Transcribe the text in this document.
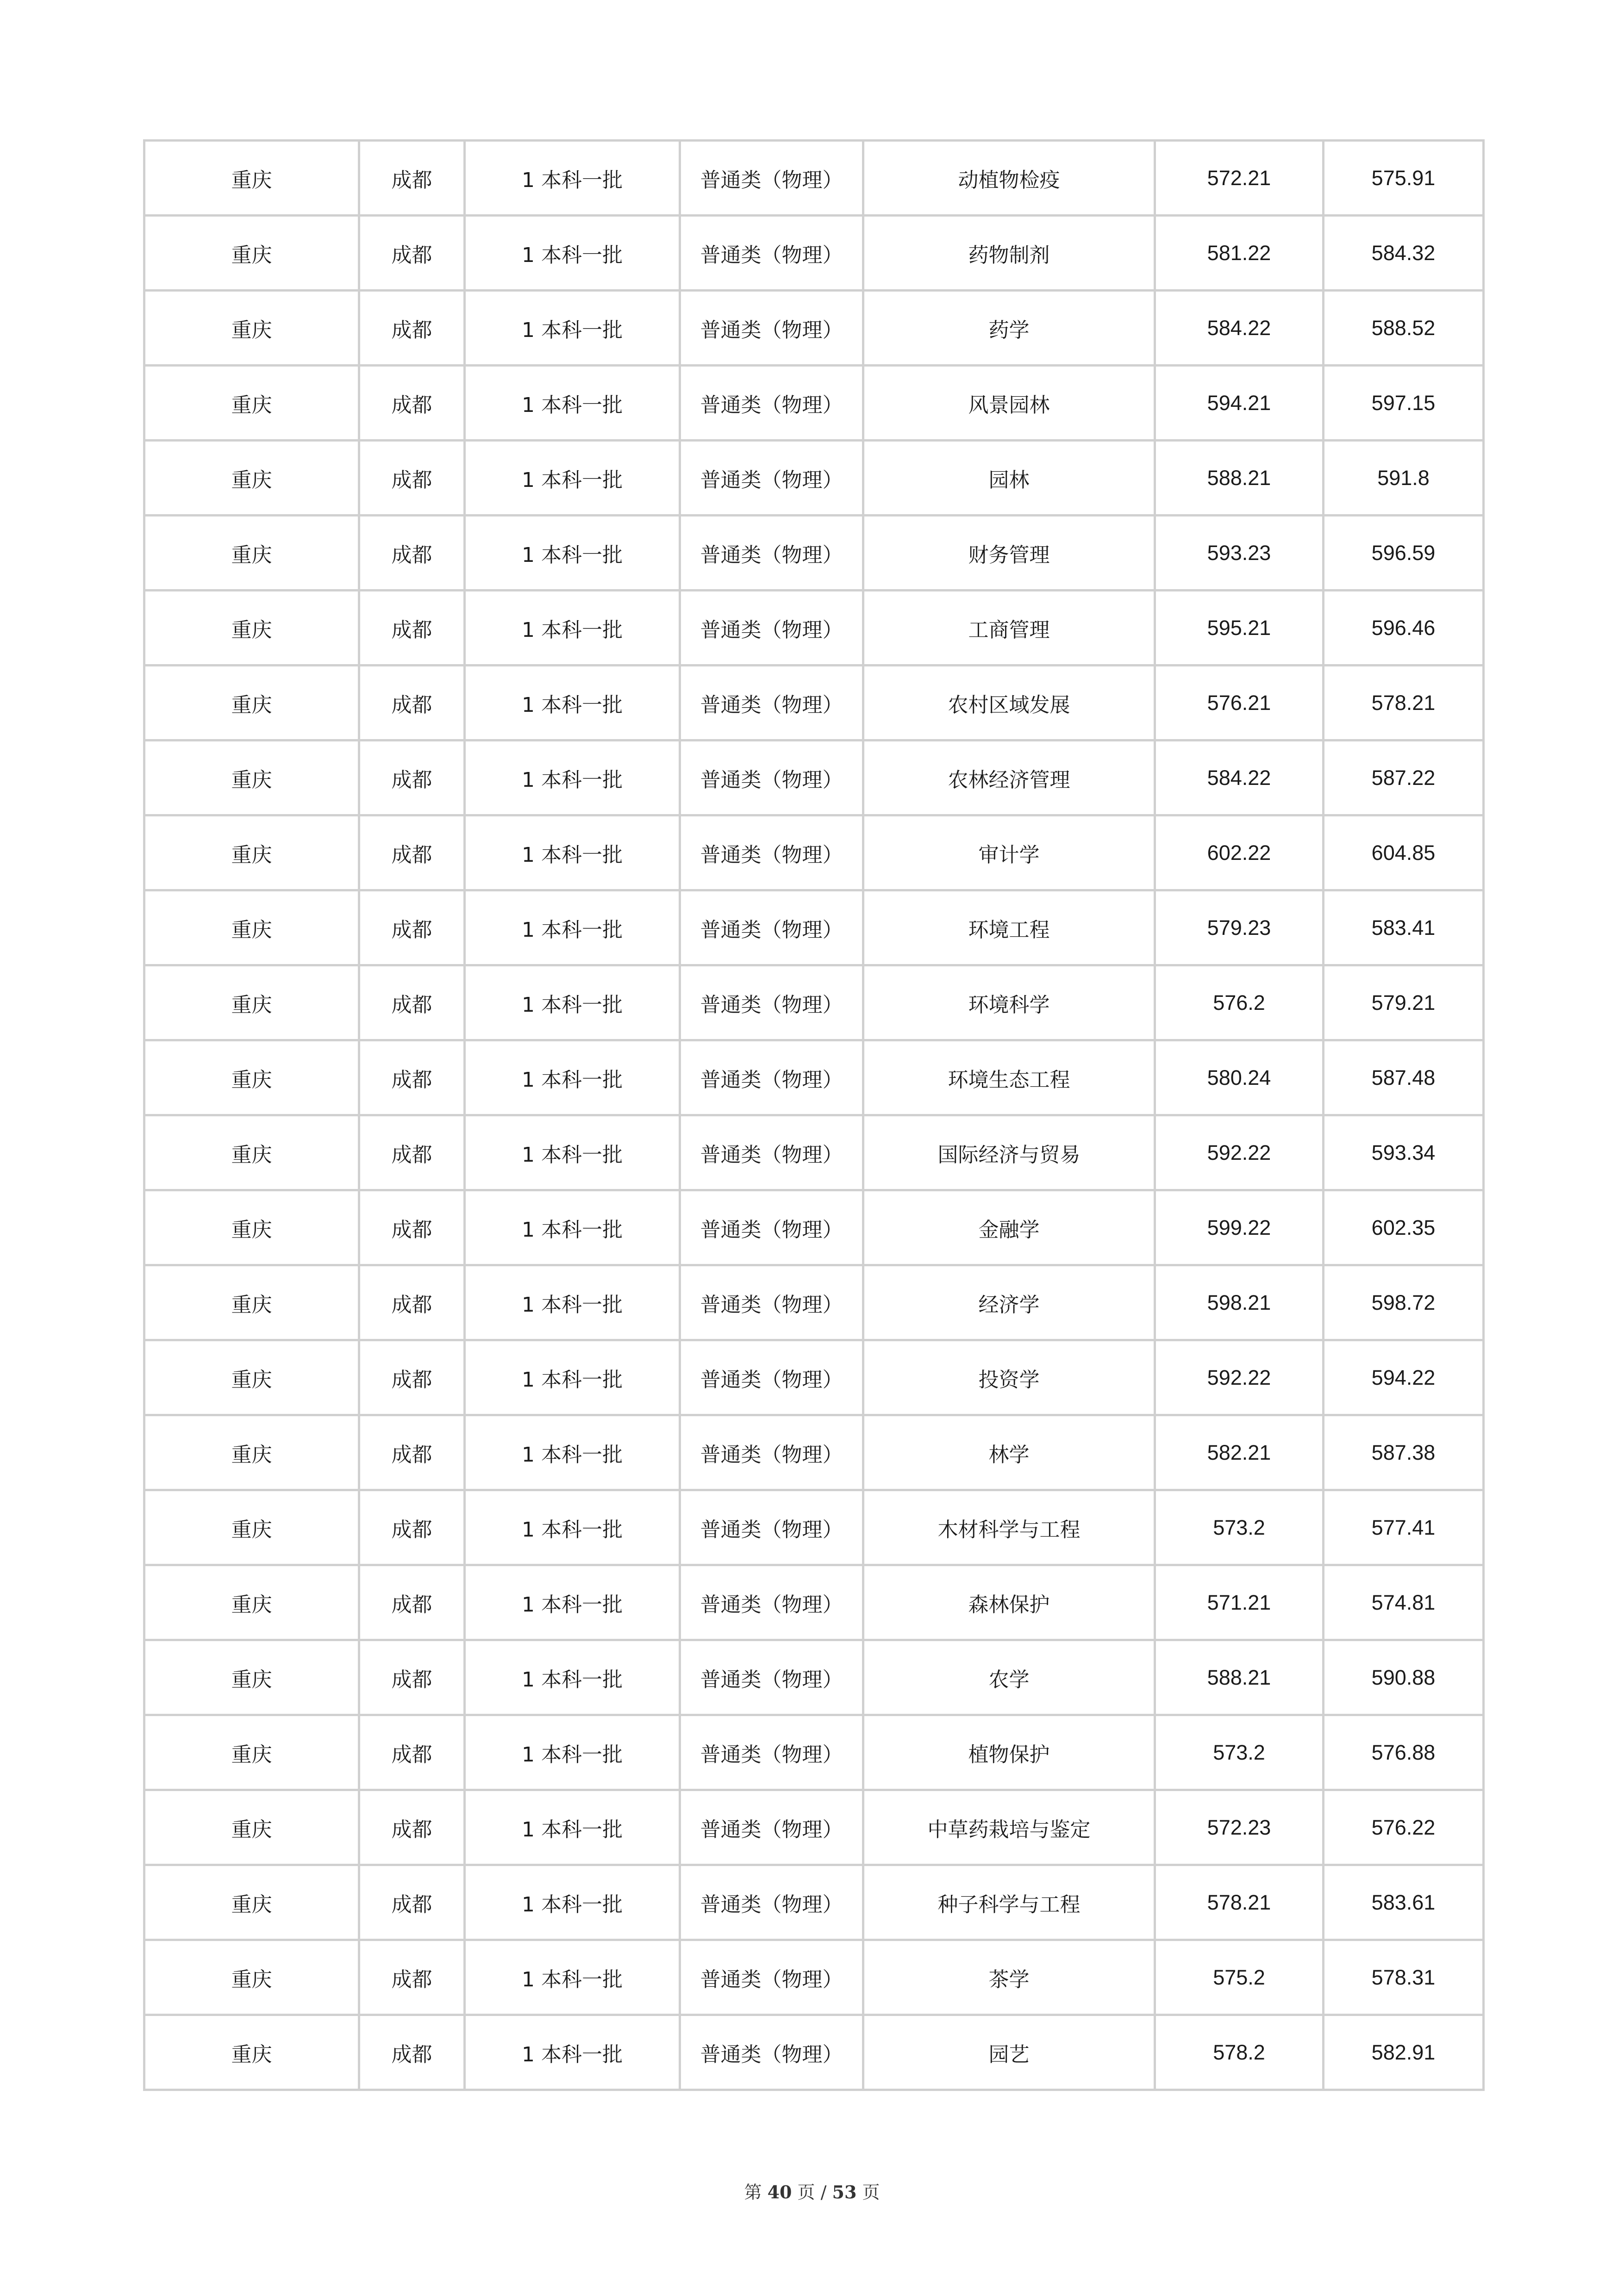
重庆	成都	1 本科一批	普通类（物理）	动植物检疫	572.21	575.91
重庆	成都	1 本科一批	普通类（物理）	药物制剂	581.22	584.32
重庆	成都	1 本科一批	普通类（物理）	药学	584.22	588.52
重庆	成都	1 本科一批	普通类（物理）	风景园林	594.21	597.15
重庆	成都	1 本科一批	普通类（物理）	园林	588.21	591.8
重庆	成都	1 本科一批	普通类（物理）	财务管理	593.23	596.59
重庆	成都	1 本科一批	普通类（物理）	工商管理	595.21	596.46
重庆	成都	1 本科一批	普通类（物理）	农村区域发展	576.21	578.21
重庆	成都	1 本科一批	普通类（物理）	农林经济管理	584.22	587.22
重庆	成都	1 本科一批	普通类（物理）	审计学	602.22	604.85
重庆	成都	1 本科一批	普通类（物理）	环境工程	579.23	583.41
重庆	成都	1 本科一批	普通类（物理）	环境科学	576.2	579.21
重庆	成都	1 本科一批	普通类（物理）	环境生态工程	580.24	587.48
重庆	成都	1 本科一批	普通类（物理）	国际经济与贸易	592.22	593.34
重庆	成都	1 本科一批	普通类（物理）	金融学	599.22	602.35
重庆	成都	1 本科一批	普通类（物理）	经济学	598.21	598.72
重庆	成都	1 本科一批	普通类（物理）	投资学	592.22	594.22
重庆	成都	1 本科一批	普通类（物理）	林学	582.21	587.38
重庆	成都	1 本科一批	普通类（物理）	木材科学与工程	573.2	577.41
重庆	成都	1 本科一批	普通类（物理）	森林保护	571.21	574.81
重庆	成都	1 本科一批	普通类（物理）	农学	588.21	590.88
重庆	成都	1 本科一批	普通类（物理）	植物保护	573.2	576.88
重庆	成都	1 本科一批	普通类（物理）	中草药栽培与鉴定	572.23	576.22
重庆	成都	1 本科一批	普通类（物理）	种子科学与工程	578.21	583.61
重庆	成都	1 本科一批	普通类（物理）	茶学	575.2	578.31
重庆	成都	1 本科一批	普通类（物理）	园艺	578.2	582.91
第 40 页 / 53 页
